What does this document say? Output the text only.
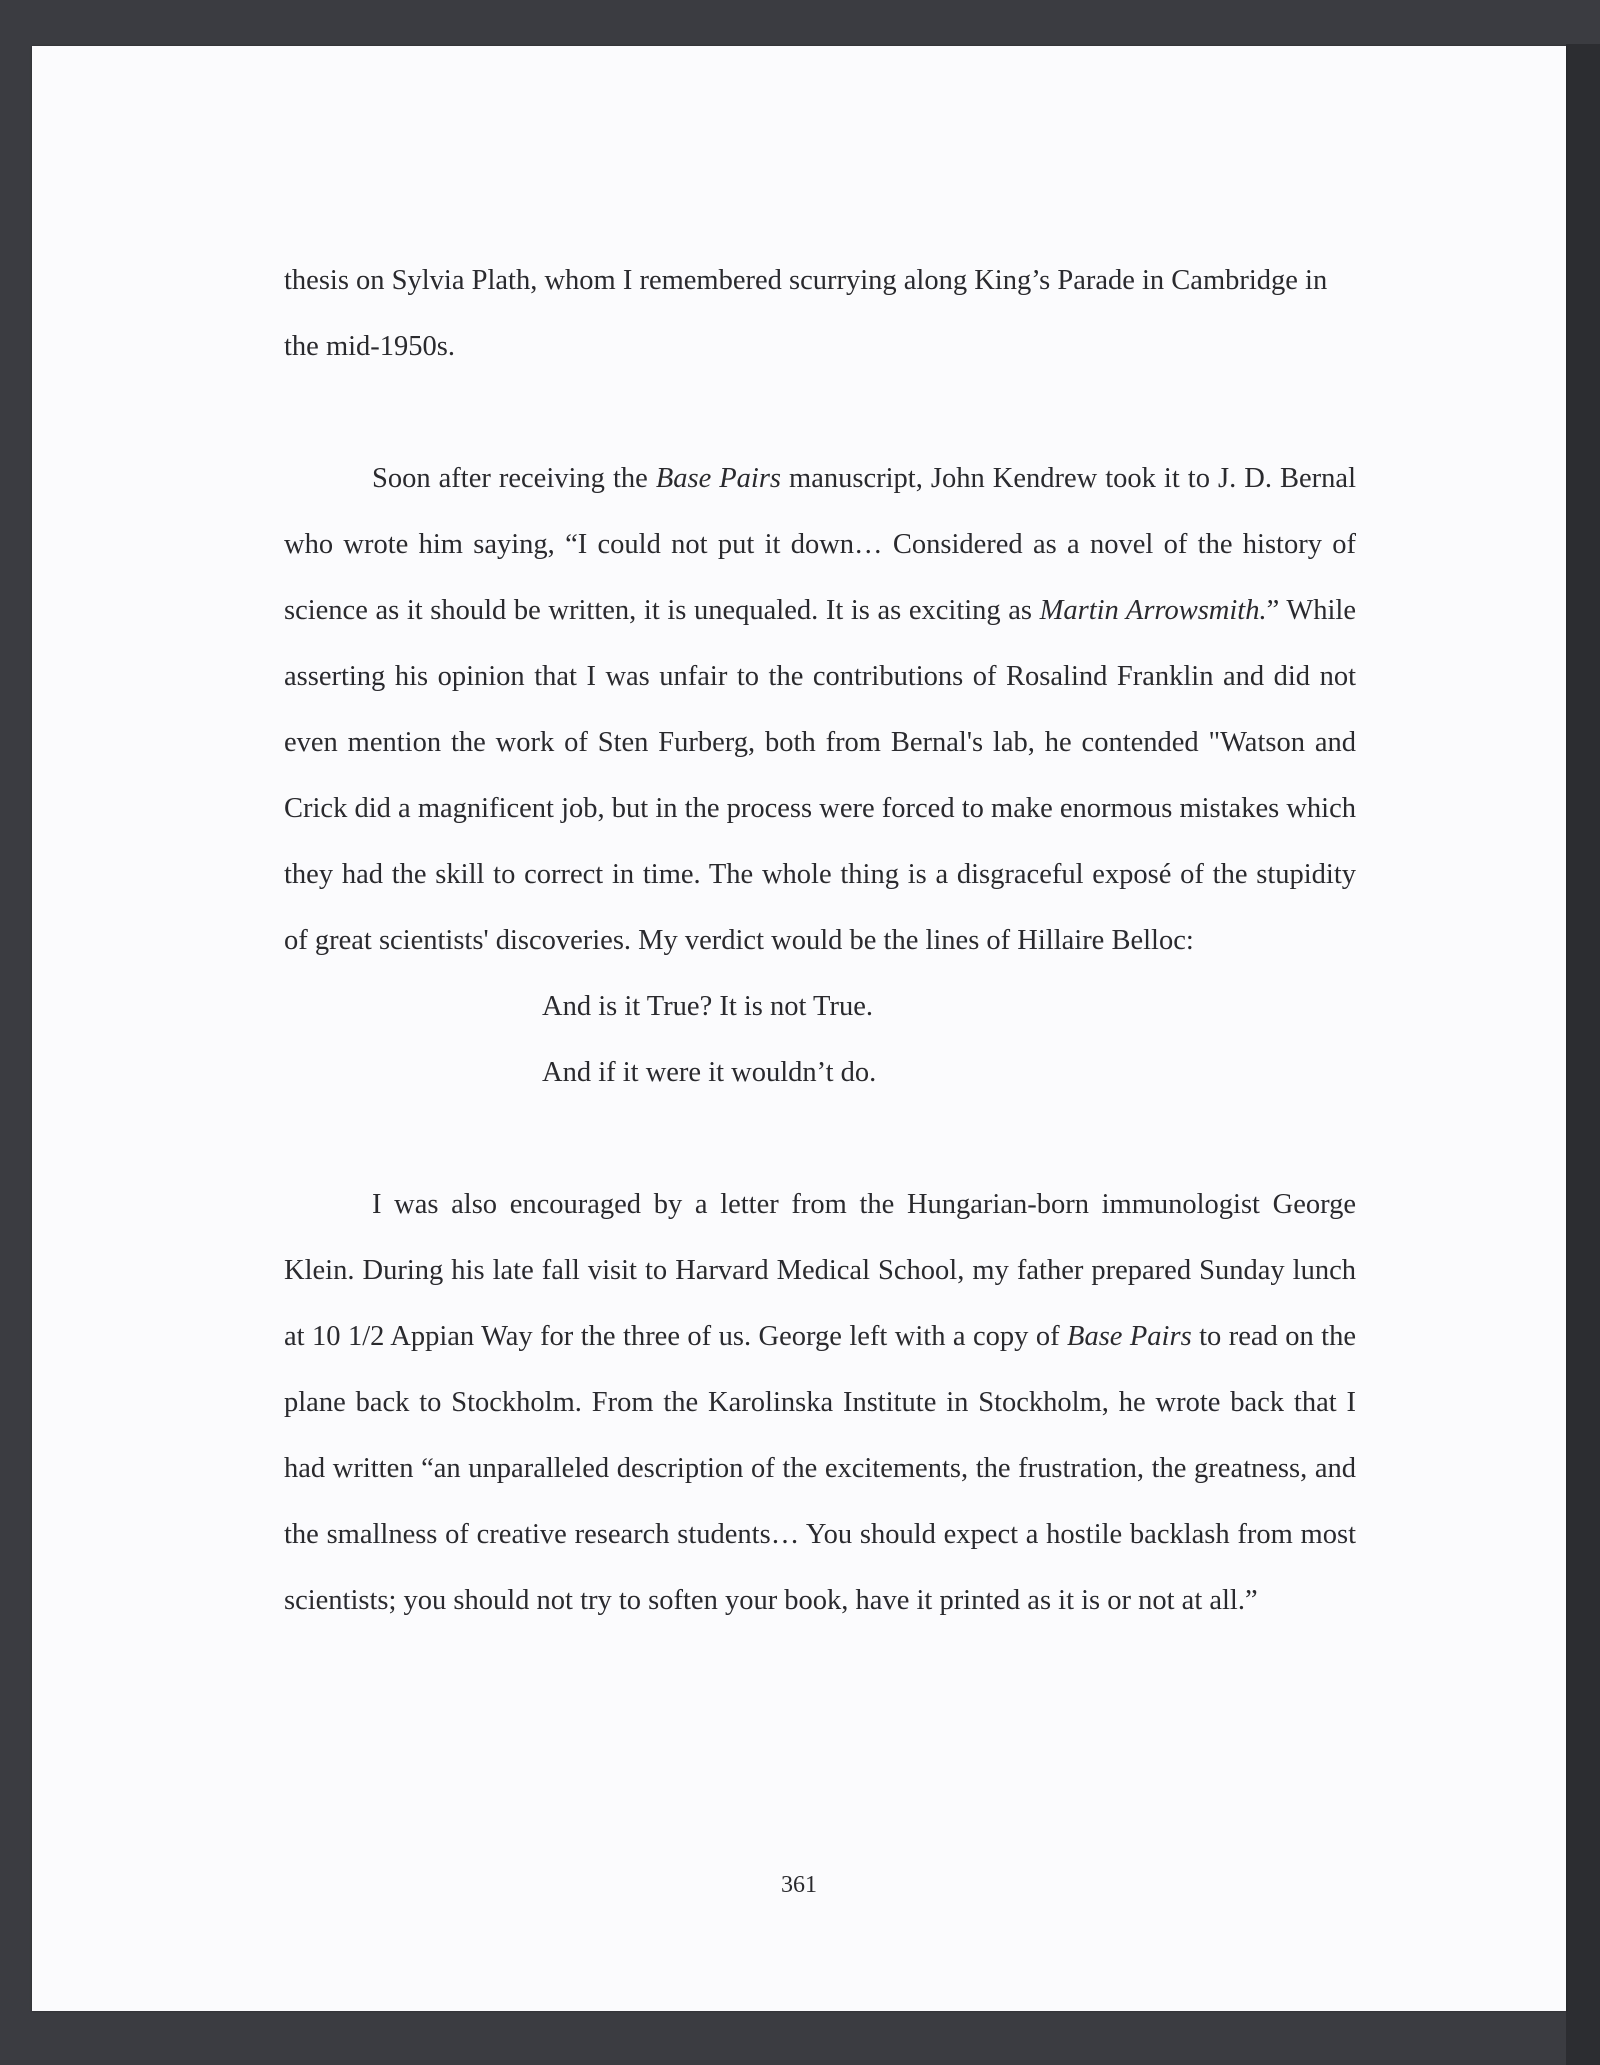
thesis on Sylvia Plath, whom I remembered scurrying along King’s Parade in Cambridge in the mid-1950s.

Soon after receiving the Base Pairs manuscript, John Kendrew took it to J. D. Bernal who wrote him saying, “I could not put it down… Considered as a novel of the history of science as it should be written, it is unequaled. It is as exciting as Martin Arrowsmith.” While asserting his opinion that I was unfair to the contributions of Rosalind Franklin and did not even mention the work of Sten Furberg, both from Bernal's lab, he contended "Watson and Crick did a magnificent job, but in the process were forced to make enormous mistakes which they had the skill to correct in time. The whole thing is a disgraceful exposé of the stupidity of great scientists' discoveries. My verdict would be the lines of Hillaire Belloc:

And is it True? It is not True.
And if it were it wouldn’t do.

I was also encouraged by a letter from the Hungarian-born immunologist George Klein. During his late fall visit to Harvard Medical School, my father prepared Sunday lunch at 10 1/2 Appian Way for the three of us. George left with a copy of Base Pairs to read on the plane back to Stockholm. From the Karolinska Institute in Stockholm, he wrote back that I had written “an unparalleled description of the excitements, the frustration, the greatness, and the smallness of creative research students… You should expect a hostile backlash from most scientists; you should not try to soften your book, have it printed as it is or not at all.”

361
